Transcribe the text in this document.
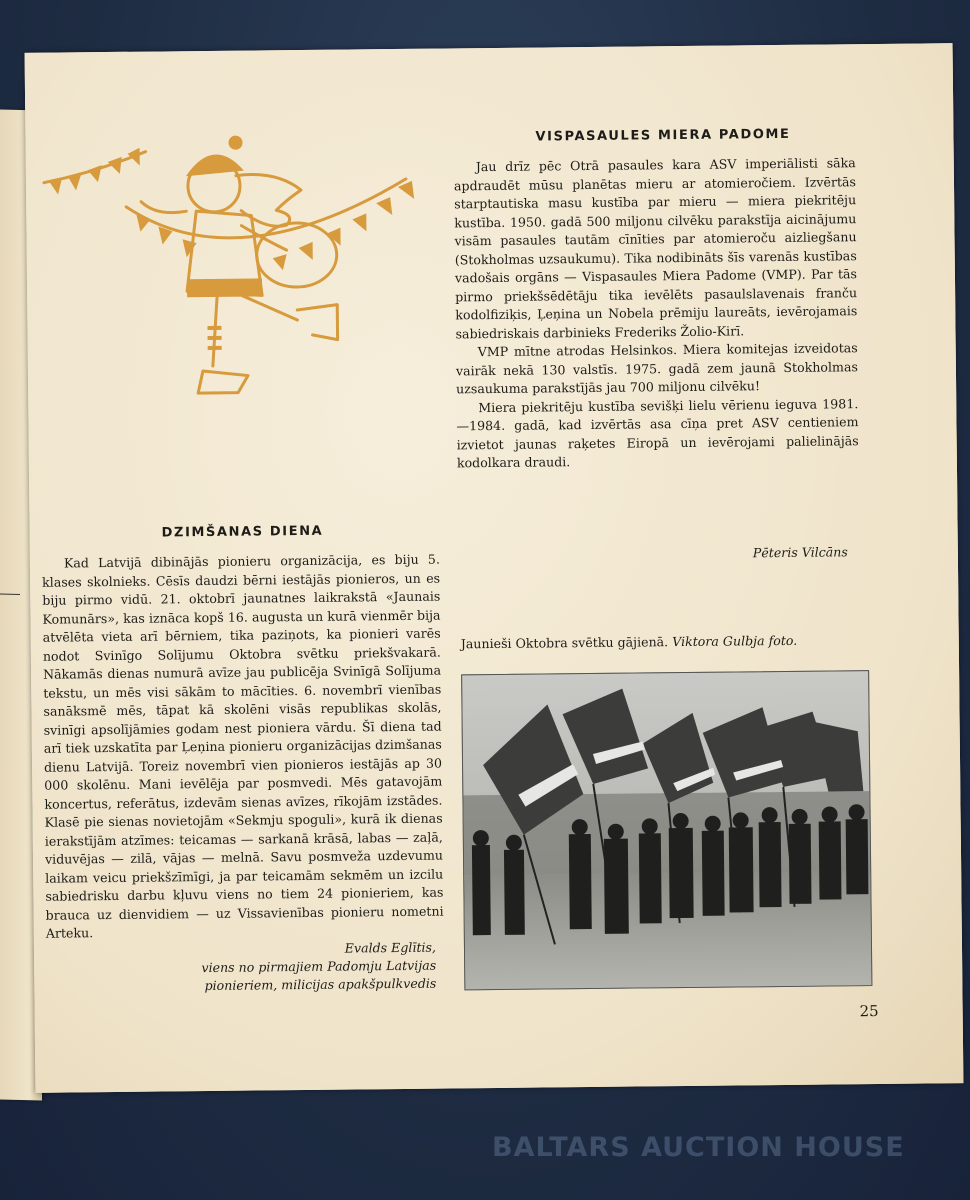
VISPASAULES MIERA PADOME

Jau drīz pēc Otrā pasaules kara ASV imperiālisti sāka apdraudēt mūsu planētas mieru ar atomieročiem. Izvērtās starptautiska masu kustība par mieru — miera piekritēju kustība. 1950. gadā 500 miljonu cilvēku parakstīja aicinājumu visām pasaules tautām cīnīties par atomieroču aizliegšanu (Stokholmas uzsaukumu). Tika nodibināts šīs varenās kustības vadošais orgāns — Vispasaules Miera Padome (VMP). Par tās pirmo priekšsēdētāju tika ievēlēts pasaulslavenais franču kodolfiziķis, Ļeņina un Nobela prēmiju laureāts, ievērojamais sabiedriskais darbinieks Frederiks Žolio-Kirī.

VMP mītne atrodas Helsinkos. Miera komitejas izveidotas vairāk nekā 130 valstīs. 1975. gadā zem jaunā Stokholmas uzsaukuma parakstījās jau 700 miljonu cilvēku!

Miera piekritēju kustība sevišķi lielu vērienu ieguva 1981.—1984. gadā, kad izvērtās asa cīņa pret ASV centieniem izvietot jaunas raķetes Eiropā un ievērojami palielinājās kodolkara draudi.

Pēteris Vilcāns
DZIMŠANAS DIENA

Kad Latvijā dibinājās pionieru organizācija, es biju 5. klases skolnieks. Cēsīs daudzi bērni iestājās pionieros, un es biju pirmo vidū. 21. oktobrī jaunatnes laikrakstā «Jaunais Komunārs», kas iznāca kopš 16. augusta un kurā vienmēr bija atvēlēta vieta arī bērniem, tika paziņots, ka pionieri varēs nodot Svinīgo Solījumu Oktobra svētku priekšvakarā. Nākamās dienas numurā avīze jau publicēja Svinīgā Solījuma tekstu, un mēs visi sākām to mācīties. 6. novembrī vienības sanāksmē mēs, tāpat kā skolēni visās republikas skolās, svinīgi apsolījāmies godam nest pioniera vārdu. Šī diena tad arī tiek uzskatīta par Ļeņina pionieru organizācijas dzimšanas dienu Latvijā. Toreiz novembrī vien pionieros iestājās ap 30 000 skolēnu. Mani ievēlēja par posmvedi. Mēs gatavojām koncertus, referātus, izdevām sienas avīzes, rīkojām izstādes. Klasē pie sienas novietojām «Sekmju spoguli», kurā ik dienas ierakstījām atzīmes: teicamas — sarkanā krāsā, labas — zaļā, viduvējas — zilā, vājas — melnā. Savu posmveža uzdevumu laikam veicu priekšzīmīgi, ja par teicamām sekmēm un izcilu sabiedrisku darbu kļuvu viens no tiem 24 pionieriem, kas brauca uz dienvidiem — uz Vissavienības pionieru nometni Arteku.

Evalds Eglītis,
viens no pirmajiem Padomju Latvijas
pionieriem, milicijas apakšpulkvedis
Jaunieši Oktobra svētku gājienā. Viktora Gulbja foto.
25
BALTARS AUCTION HOUSE
